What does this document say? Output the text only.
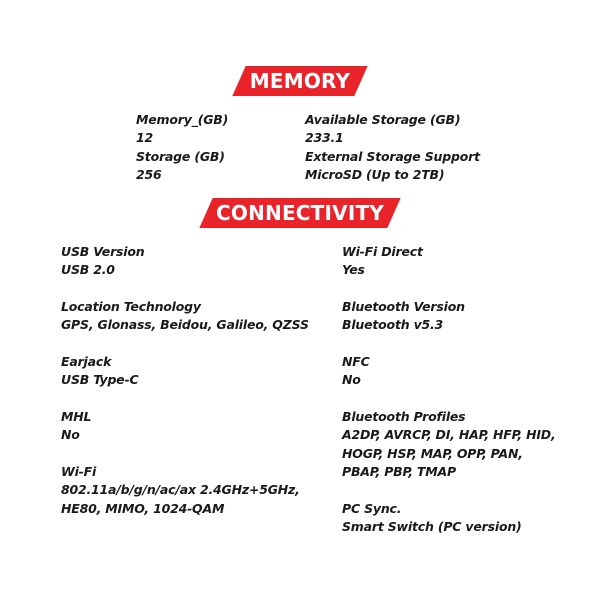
MEMORY
Memory_(GB)
12
Storage (GB)
256
Available Storage (GB)
233.1
External Storage Support
MicroSD (Up to 2TB)
CONNECTIVITY
USB Version
USB 2.0
Location Technology
GPS, Glonass, Beidou, Galileo, QZSS
Earjack
USB Type-C
MHL
No
Wi-Fi
802.11a/b/g/n/ac/ax 2.4GHz+5GHz,
HE80, MIMO, 1024-QAM
Wi-Fi Direct
Yes
Bluetooth Version
Bluetooth v5.3
NFC
No
Bluetooth Profiles
A2DP, AVRCP, DI, HAP, HFP, HID,
HOGP, HSP, MAP, OPP, PAN,
PBAP, PBP, TMAP
PC Sync.
Smart Switch (PC version)
